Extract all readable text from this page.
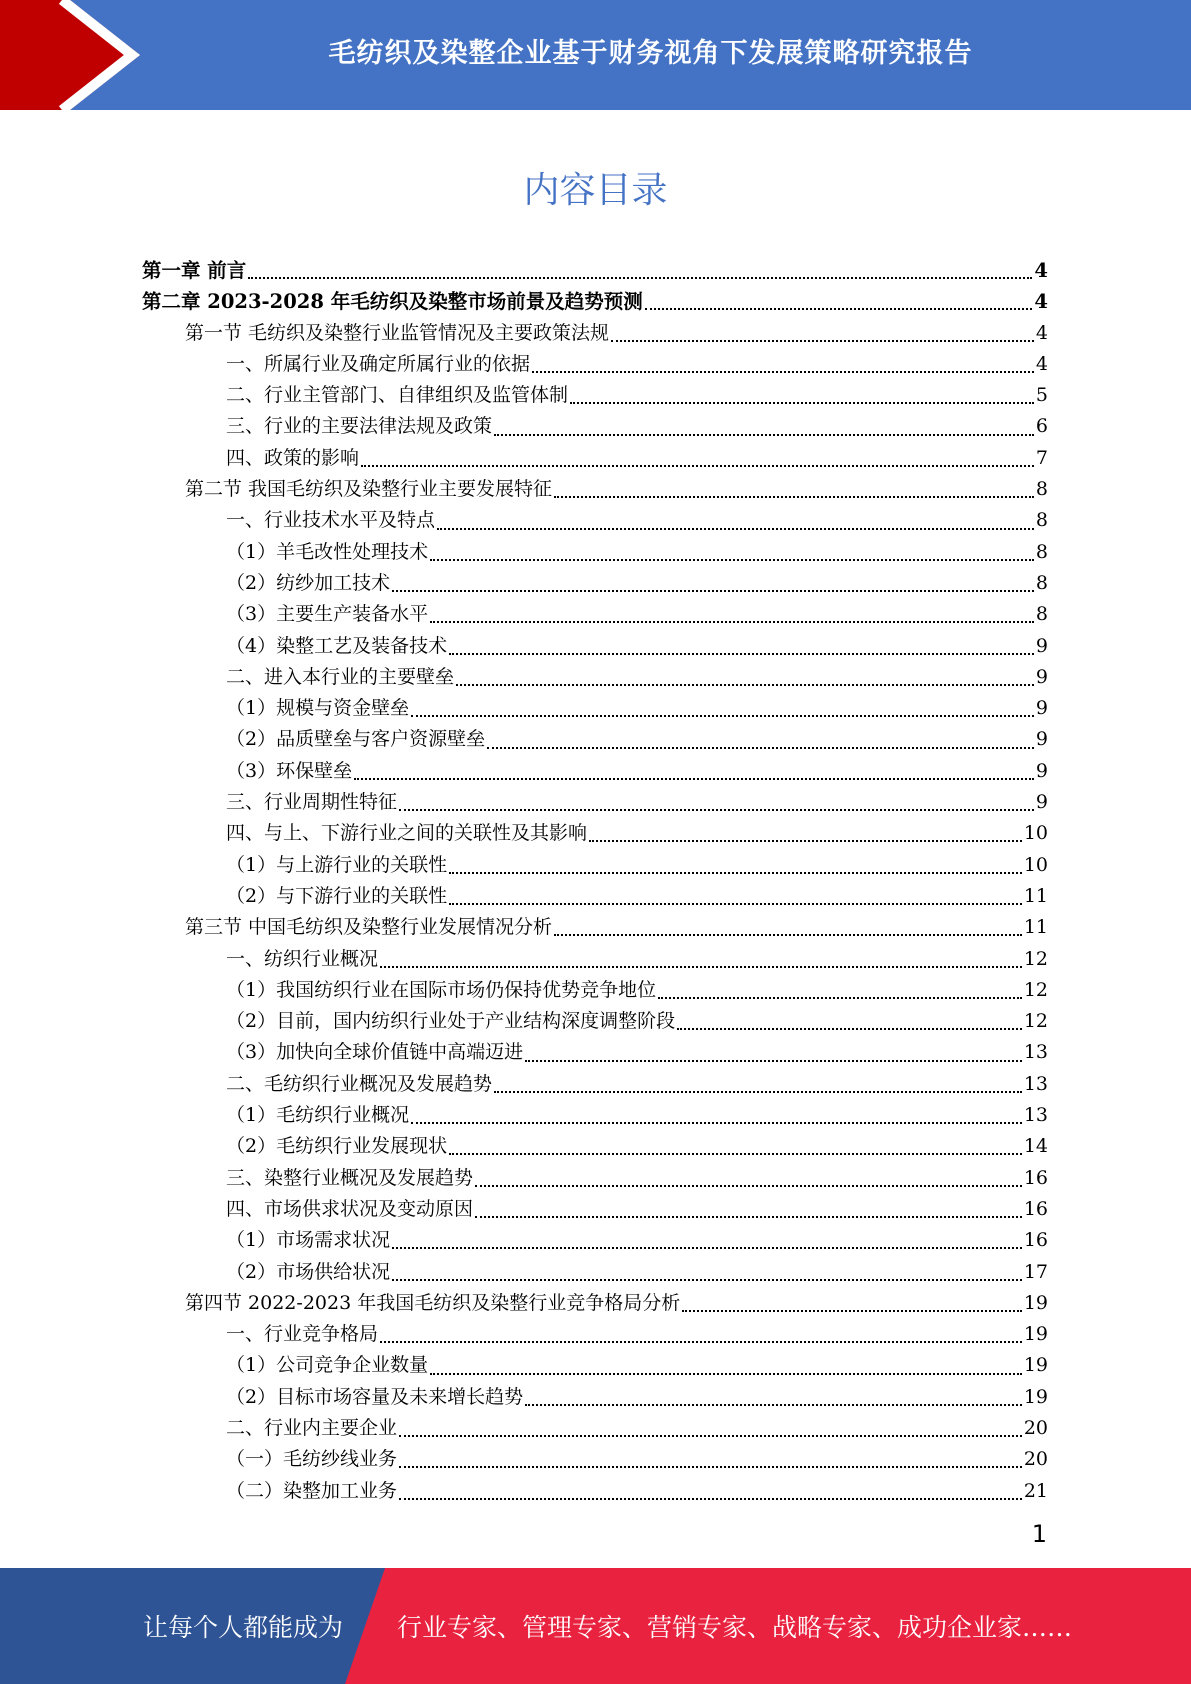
毛纺织及染整企业基于财务视角下发展策略研究报告
内容目录
第一章 前言	4
第二章 2023-2028 年毛纺织及染整市场前景及趋势预测	4
第一节 毛纺织及染整行业监管情况及主要政策法规	4
一、所属行业及确定所属行业的依据	4
二、行业主管部门、自律组织及监管体制	5
三、行业的主要法律法规及政策	6
四、政策的影响	7
第二节 我国毛纺织及染整行业主要发展特征	8
一、行业技术水平及特点	8
（1）羊毛改性处理技术	8
（2）纺纱加工技术	8
（3）主要生产装备水平	8
（4）染整工艺及装备技术	9
二、进入本行业的主要壁垒	9
（1）规模与资金壁垒	9
（2）品质壁垒与客户资源壁垒	9
（3）环保壁垒	9
三、行业周期性特征	9
四、与上、下游行业之间的关联性及其影响	10
（1）与上游行业的关联性	10
（2）与下游行业的关联性	11
第三节 中国毛纺织及染整行业发展情况分析	11
一、纺织行业概况	12
（1）我国纺织行业在国际市场仍保持优势竞争地位	12
（2）目前，国内纺织行业处于产业结构深度调整阶段	12
（3）加快向全球价值链中高端迈进	13
二、毛纺织行业概况及发展趋势	13
（1）毛纺织行业概况	13
（2）毛纺织行业发展现状	14
三、染整行业概况及发展趋势	16
四、市场供求状况及变动原因	16
（1）市场需求状况	16
（2）市场供给状况	17
第四节 2022-2023 年我国毛纺织及染整行业竞争格局分析	19
一、行业竞争格局	19
（1）公司竞争企业数量	19
（2）目标市场容量及未来增长趋势	19
二、行业内主要企业	20
（一）毛纺纱线业务	20
（二）染整加工业务	21
1
让每个人都能成为 行业专家、管理专家、营销专家、战略专家、成功企业家……
